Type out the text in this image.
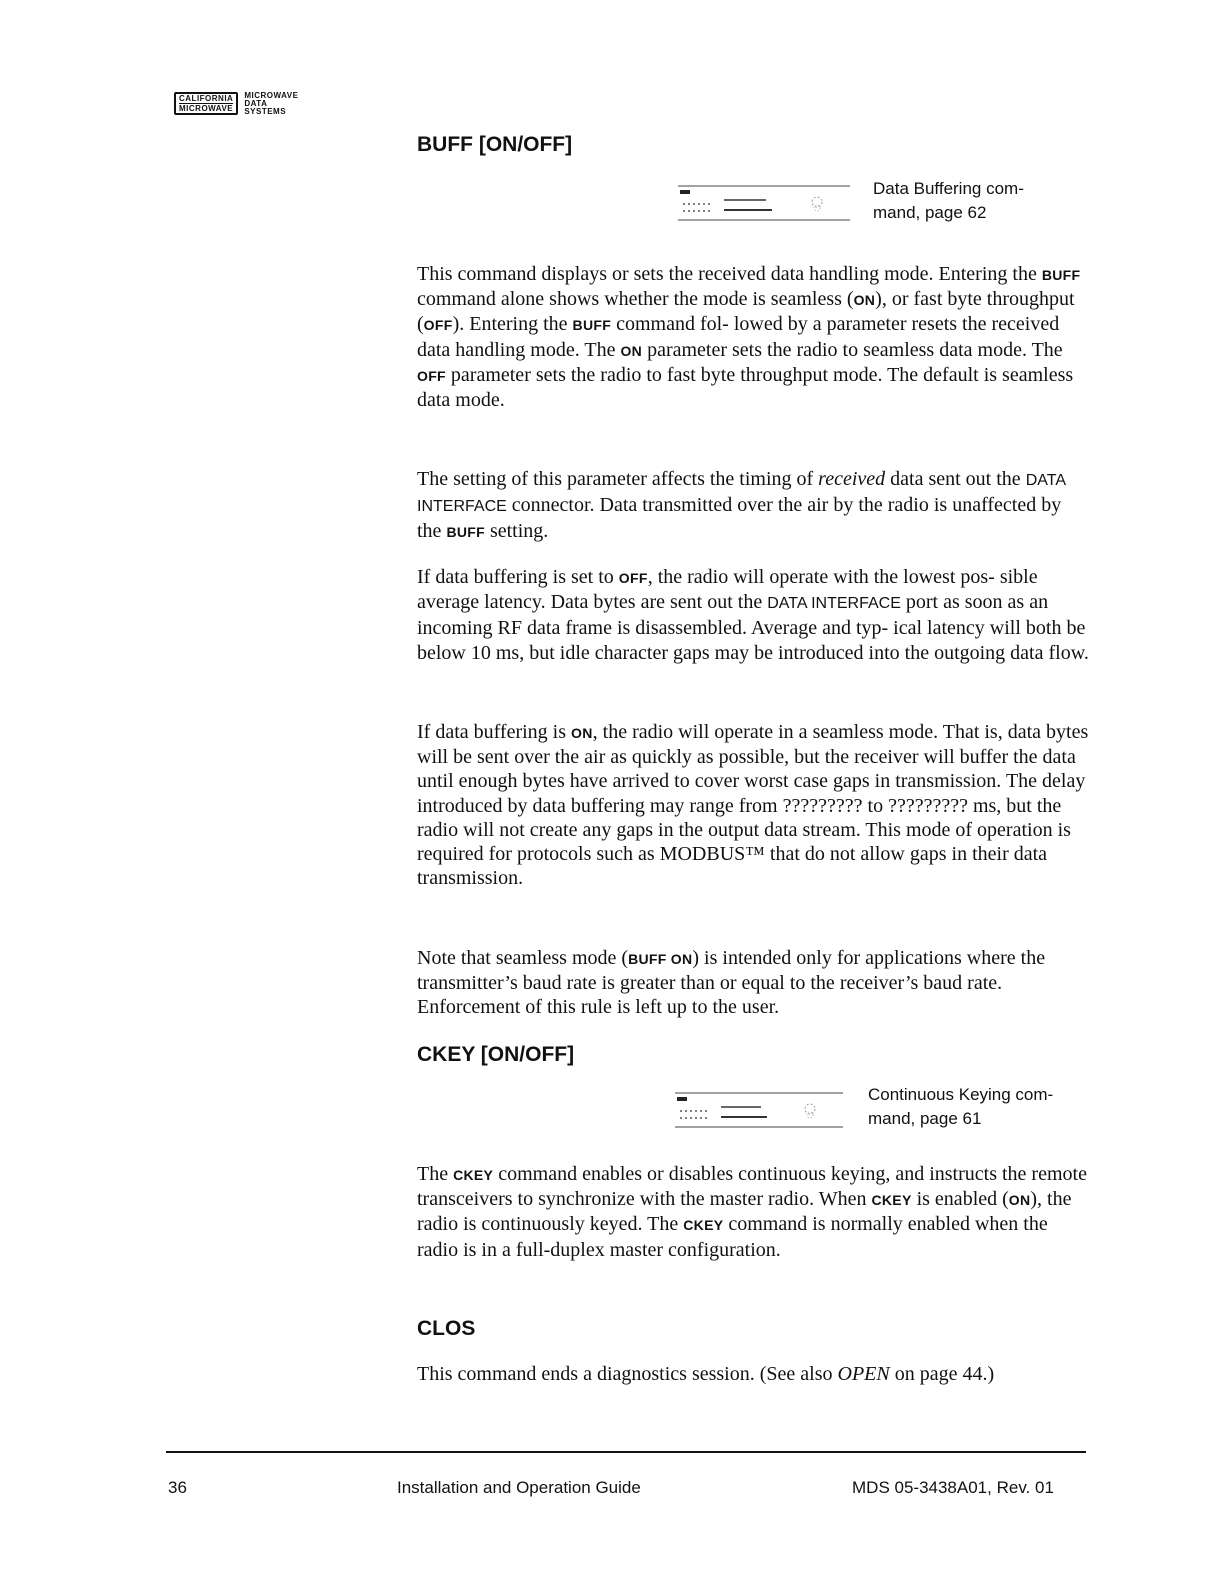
CALIFORNIA
MICROWAVE
MICROWAVE
DATA
SYSTEMS
BUFF [ON/OFF]
Data Buffering com- mand, page 62

This command displays or sets the received data handling mode. Entering the BUFF command alone shows whether the mode is seamless (ON), or fast byte throughput (OFF). Entering the BUFF command fol- lowed by a parameter resets the received data handling mode. The ON parameter sets the radio to seamless data mode. The OFF parameter sets the radio to fast byte throughput mode. The default is seamless data mode.

The setting of this parameter affects the timing of received data sent out the DATA INTERFACE connector. Data transmitted over the air by the radio is unaffected by the BUFF setting.

If data buffering is set to OFF, the radio will operate with the lowest pos- sible average latency. Data bytes are sent out the DATA INTERFACE port as soon as an incoming RF data frame is disassembled. Average and typ- ical latency will both be below 10 ms, but idle character gaps may be introduced into the outgoing data flow.

If data buffering is ON, the radio will operate in a seamless mode. That is, data bytes will be sent over the air as quickly as possible, but the receiver will buffer the data until enough bytes have arrived to cover worst case gaps in transmission. The delay introduced by data buffering may range from ????????? to ????????? ms, but the radio will not create any gaps in the output data stream. This mode of operation is required for protocols such as MODBUS™ that do not allow gaps in their data transmission.

Note that seamless mode (BUFF ON) is intended only for applications where the transmitter’s baud rate is greater than or equal to the receiver’s baud rate. Enforcement of this rule is left up to the user.

CKEY [ON/OFF]
Continuous Keying com- mand, page 61

The CKEY command enables or disables continuous keying, and instructs the remote transceivers to synchronize with the master radio. When CKEY is enabled (ON), the radio is continuously keyed. The CKEY command is normally enabled when the radio is in a full-duplex master configuration.

CLOS

This command ends a diagnostics session. (See also OPEN on page 44.)

36	Installation and Operation Guide	MDS 05-3438A01, Rev. 01
